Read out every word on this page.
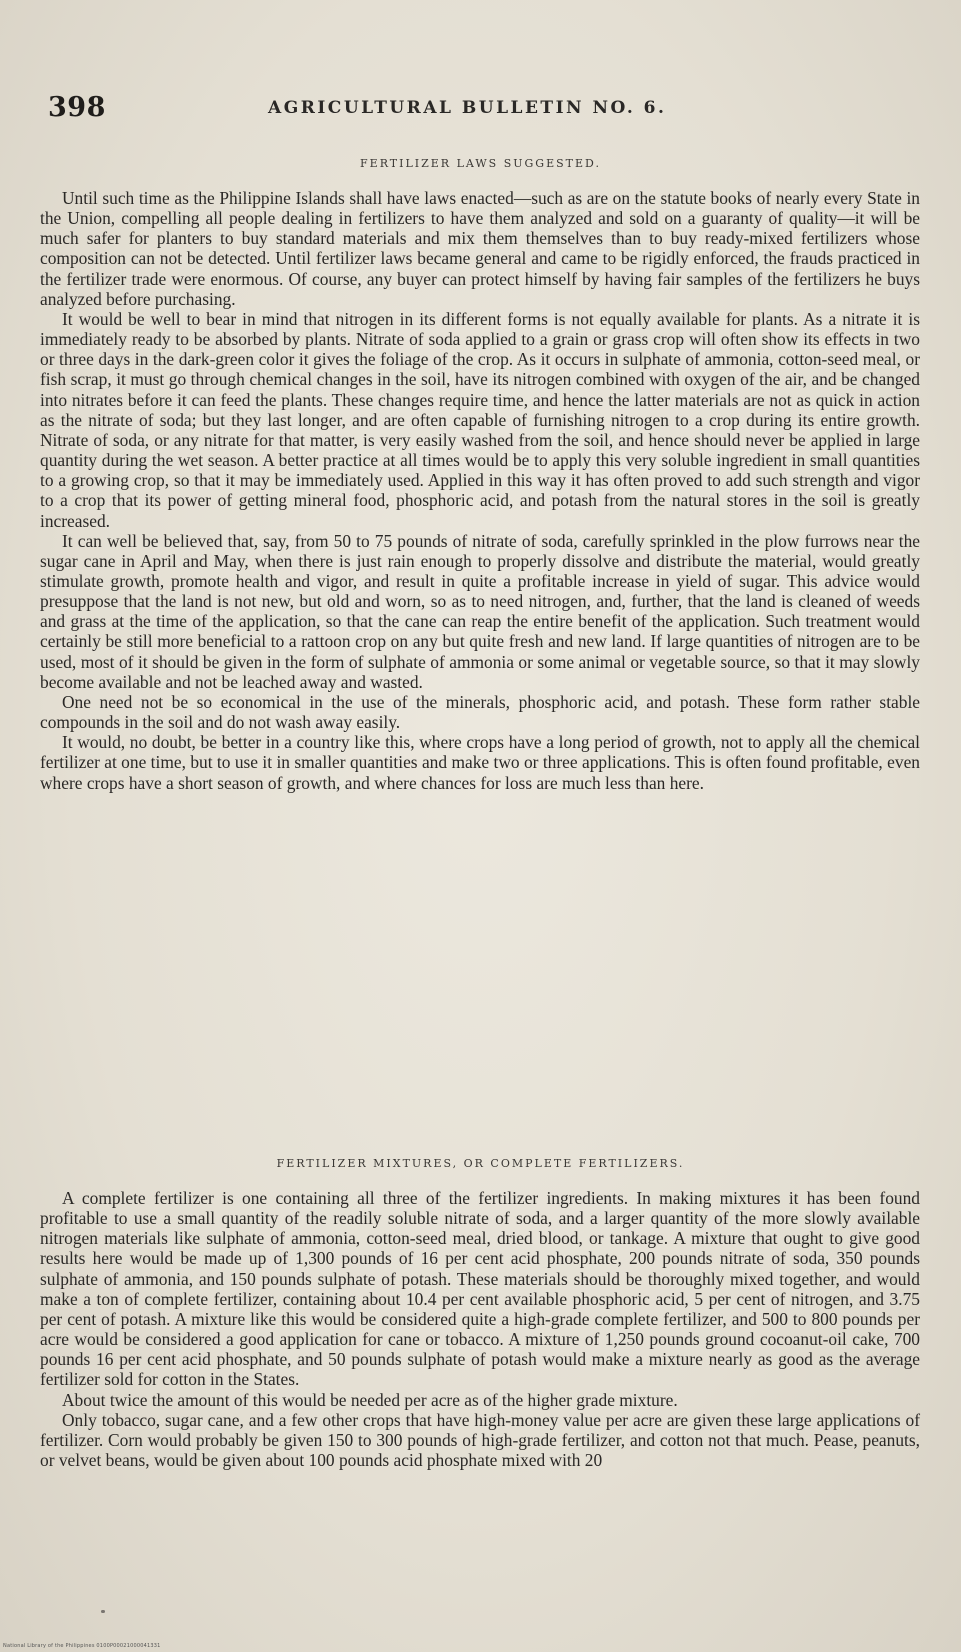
398	AGRICULTURAL BULLETIN NO. 6.
FERTILIZER LAWS SUGGESTED.

Until such time as the Philippine Islands shall have laws enacted—such as are on the statute books of nearly every State in the Union, compelling all people dealing in fertilizers to have them analyzed and sold on a guaranty of quality—it will be much safer for planters to buy standard materials and mix them themselves than to buy ready-mixed fertilizers whose composition can not be detected. Until fertilizer laws became general and came to be rigidly enforced, the frauds practiced in the fertilizer trade were enormous. Of course, any buyer can protect himself by having fair samples of the fertilizers he buys analyzed before purchasing.

It would be well to bear in mind that nitrogen in its different forms is not equally available for plants. As a nitrate it is immediately ready to be absorbed by plants. Nitrate of soda applied to a grain or grass crop will often show its effects in two or three days in the dark-green color it gives the foliage of the crop. As it occurs in sulphate of ammonia, cotton-seed meal, or fish scrap, it must go through chemical changes in the soil, have its nitrogen combined with oxygen of the air, and be changed into nitrates before it can feed the plants. These changes require time, and hence the latter materials are not as quick in action as the nitrate of soda; but they last longer, and are often capable of furnishing nitrogen to a crop during its entire growth. Nitrate of soda, or any nitrate for that matter, is very easily washed from the soil, and hence should never be applied in large quantity during the wet season. A better practice at all times would be to apply this very soluble ingredient in small quantities to a growing crop, so that it may be immediately used. Applied in this way it has often proved to add such strength and vigor to a crop that its power of getting mineral food, phosphoric acid, and potash from the natural stores in the soil is greatly increased.

It can well be believed that, say, from 50 to 75 pounds of nitrate of soda, carefully sprinkled in the plow furrows near the sugar cane in April and May, when there is just rain enough to properly dissolve and distribute the material, would greatly stimulate growth, promote health and vigor, and result in quite a profitable increase in yield of sugar. This advice would presuppose that the land is not new, but old and worn, so as to need nitrogen, and, further, that the land is cleaned of weeds and grass at the time of the application, so that the cane can reap the entire benefit of the application. Such treatment would certainly be still more beneficial to a rattoon crop on any but quite fresh and new land. If large quantities of nitrogen are to be used, most of it should be given in the form of sulphate of ammonia or some animal or vegetable source, so that it may slowly become available and not be leached away and wasted.

One need not be so economical in the use of the minerals, phosphoric acid, and potash. These form rather stable compounds in the soil and do not wash away easily.

It would, no doubt, be better in a country like this, where crops have a long period of growth, not to apply all the chemical fertilizer at one time, but to use it in smaller quantities and make two or three applications. This is often found profitable, even where crops have a short season of growth, and where chances for loss are much less than here.

FERTILIZER MIXTURES, OR COMPLETE FERTILIZERS.

A complete fertilizer is one containing all three of the fertilizer ingredients. In making mixtures it has been found profitable to use a small quantity of the readily soluble nitrate of soda, and a larger quantity of the more slowly available nitrogen materials like sulphate of ammonia, cotton-seed meal, dried blood, or tankage. A mixture that ought to give good results here would be made up of 1,300 pounds of 16 per cent acid phosphate, 200 pounds nitrate of soda, 350 pounds sulphate of ammonia, and 150 pounds sulphate of potash. These materials should be thoroughly mixed together, and would make a ton of complete fertilizer, containing about 10.4 per cent available phosphoric acid, 5 per cent of nitrogen, and 3.75 per cent of potash. A mixture like this would be considered quite a high-grade complete fertilizer, and 500 to 800 pounds per acre would be considered a good application for cane or tobacco. A mixture of 1,250 pounds ground cocoanut-oil cake, 700 pounds 16 per cent acid phosphate, and 50 pounds sulphate of potash would make a mixture nearly as good as the average fertilizer sold for cotton in the States.

About twice the amount of this would be needed per acre as of the higher grade mixture.

Only tobacco, sugar cane, and a few other crops that have high-money value per acre are given these large applications of fertilizer. Corn would probably be given 150 to 300 pounds of high-grade fertilizer, and cotton not that much. Pease, peanuts, or velvet beans, would be given about 100 pounds acid phosphate mixed with 20

National Library of the Philippines 0100P00021000041331
